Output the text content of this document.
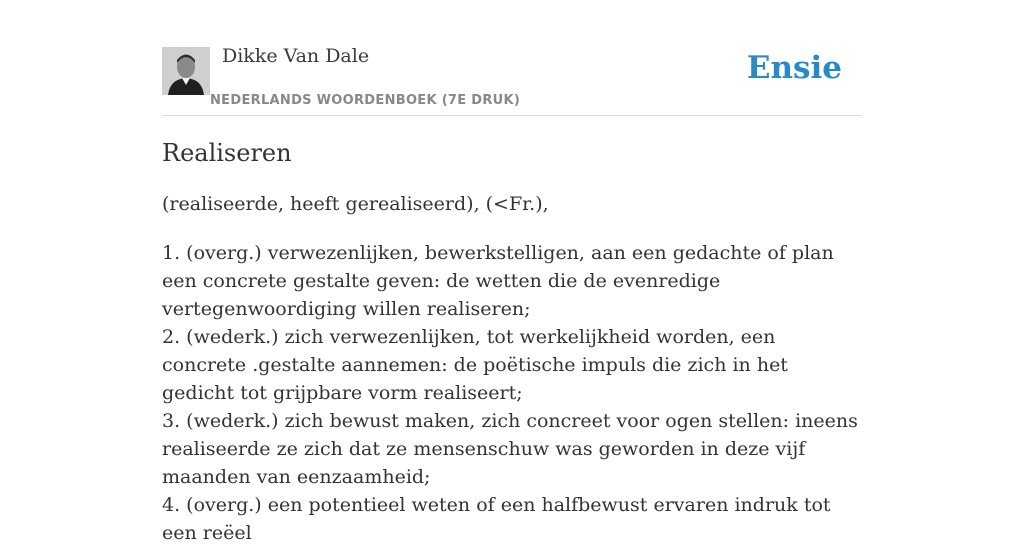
Dikke Van Dale
NEDERLANDS WOORDENBOEK (7E DRUK)
Ensie
Realiseren

(realiseerde, heeft gerealiseerd), (<Fr.),

1. (overg.) verwezenlijken, bewerkstelligen, aan een gedachte of plan een concrete gestalte geven: de wetten die de evenredige vertegenwoordiging willen realiseren;
2. (wederk.) zich verwezenlijken, tot werkelijkheid worden, een concrete .gestalte aannemen: de poëtische impuls die zich in het gedicht tot grijpbare vorm realiseert;
3. (wederk.) zich bewust maken, zich concreet voor ogen stellen: ineens realiseerde ze zich dat ze mensenschuw was geworden in deze vijf maanden van eenzaamheid;
4. (overg.) een potentieel weten of een halfbewust ervaren indruk tot een reëel
